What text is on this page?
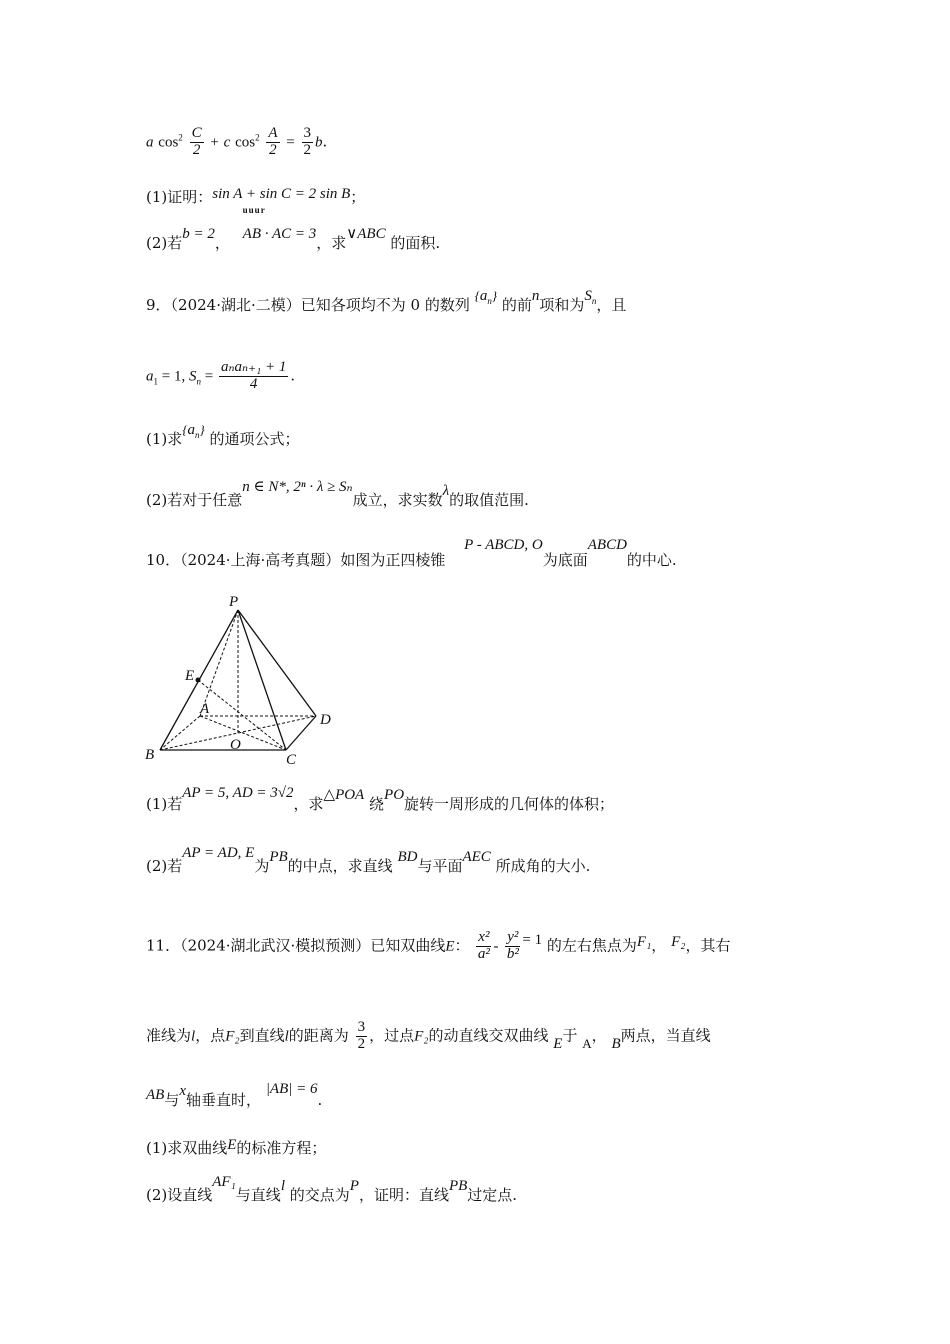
a $\cos^2 \frac{C}{2} + c$ $\cos^2 \frac{A}{2} = \frac{3}{2} b$.
(1)证明：sin A + sin C = 2 sin B；
(2)若b = 2，
uuur
AB · AC = 3，求∨ABC 的面积.
9．（2024·湖北·二模）已知各项均不为 0 的数列 $\{a_n\}$ 的前n项和为$S_n$，且
$a_1 = 1$, $S_n = \frac{\text{aₙaₙ₊₁ + 1}}{4}$ .
(1)求$\{a_n\}$ 的通项公式；
(2)若对于任意n ∈ N*, 2ⁿ · λ ≥ Sₙ成立，求实数λ的取值范围.
10．（2024·上海·高考真题）如图为正四棱锥 P - ABCD, O为底面ABCD的中心.
P
E
A
D
O
B	C
(1)若AP = 5, AD = 3√2，求△POA 绕PO旋转一周形成的几何体的体积；
(2)若AP = AD, E为PB的中点，求直线 BD与平面AEC 所成角的大小.
11．（2024·湖北武汉·模拟预测）已知双曲线E： $\frac{\text{x²}}{\text{a²}} - \frac{\text{y²}}{\text{b²}} = 1$ 的左右焦点为F₁， F₂，其右
准线为l，点F₂到直线l的距离为 $\frac{3}{2}$ ，过点F₂的动直线交双曲线 E于 A， B两点，当直线
AB与x轴垂直时， |AB| = 6.
(1)求双曲线E的标准方程；
(2)设直线AF₁与直线l 的交点为P，证明：直线PB过定点.
